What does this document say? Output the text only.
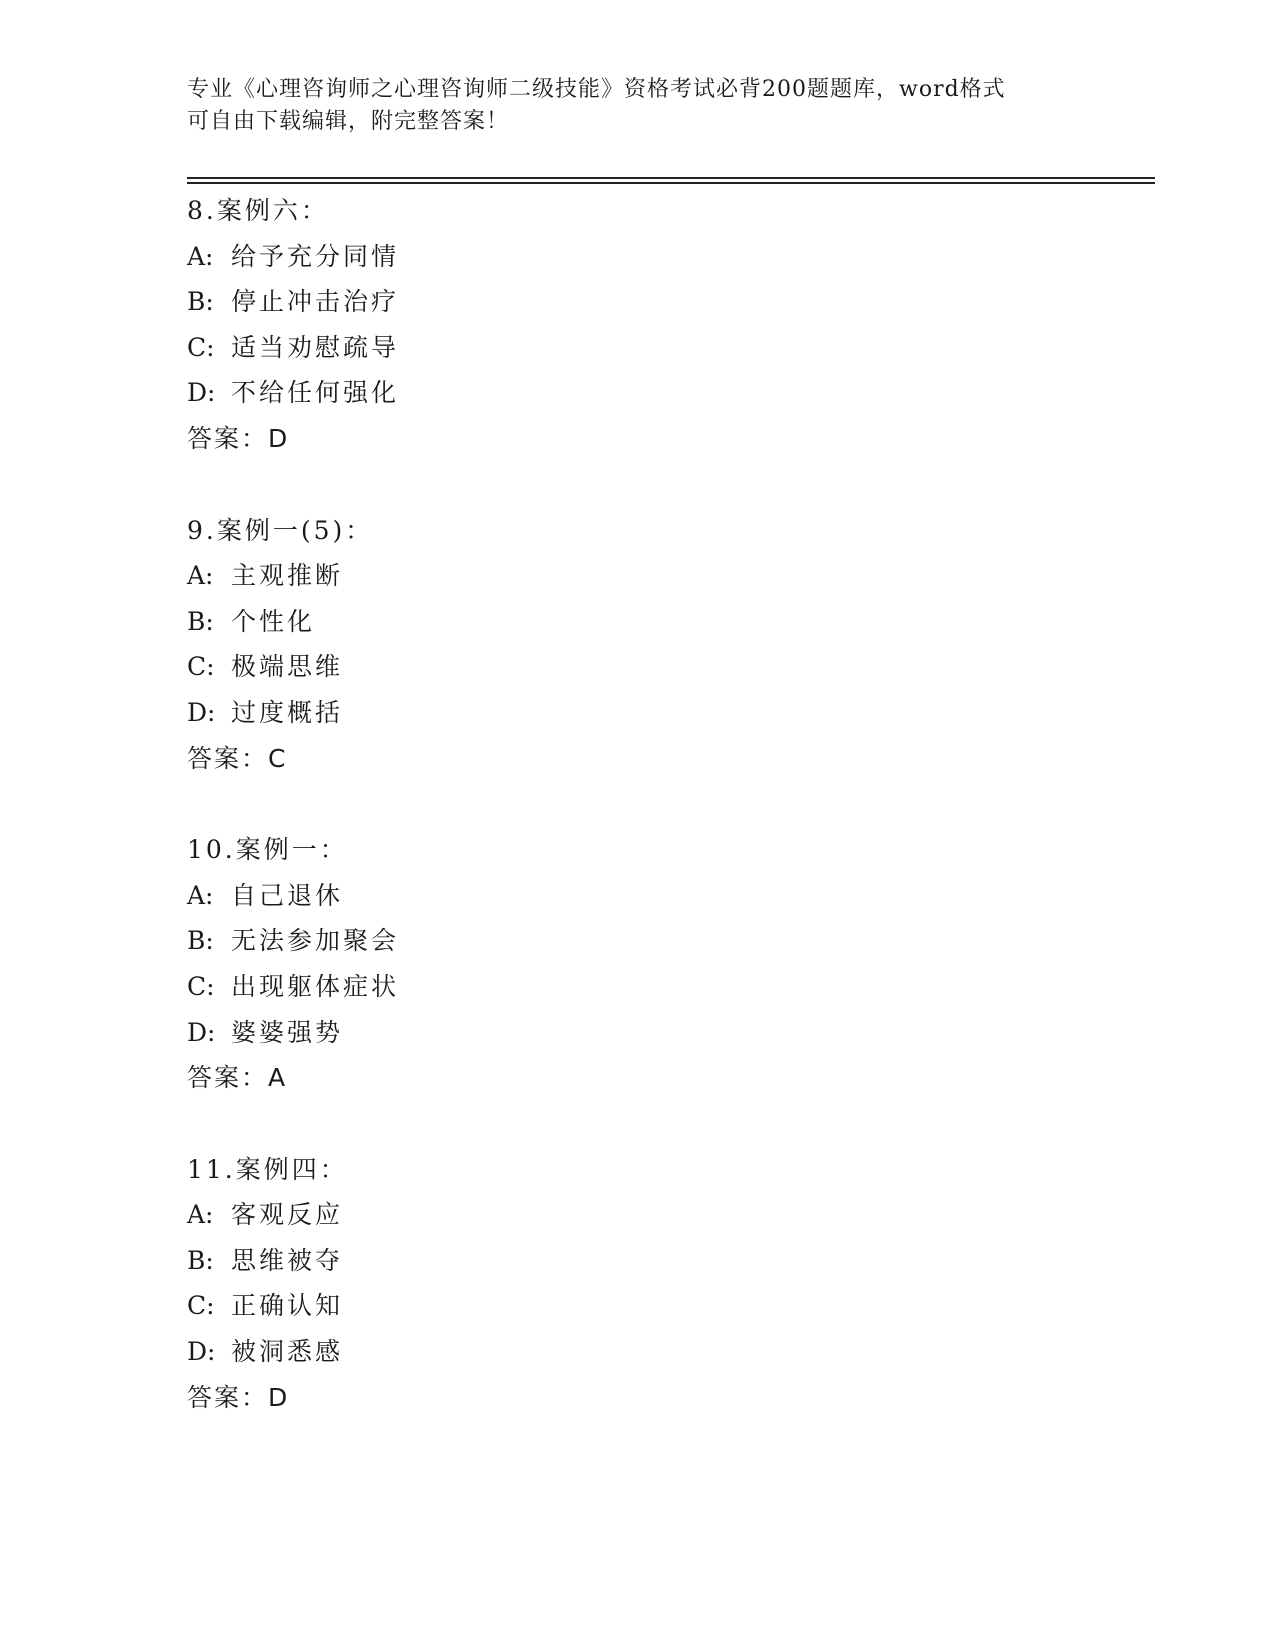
专业《心理咨询师之心理咨询师二级技能》资格考试必背200题题库，word格式
可自由下载编辑，附完整答案！
8.案例六：
A: 给予充分同情
B: 停止冲击治疗
C: 适当劝慰疏导
D: 不给任何强化
答案：D
9.案例一(5)：
A: 主观推断
B: 个性化
C: 极端思维
D: 过度概括
答案：C
10.案例一：
A: 自己退休
B: 无法参加聚会
C: 出现躯体症状
D: 婆婆强势
答案：A
11.案例四：
A: 客观反应
B: 思维被夺
C: 正确认知
D: 被洞悉感
答案：D
